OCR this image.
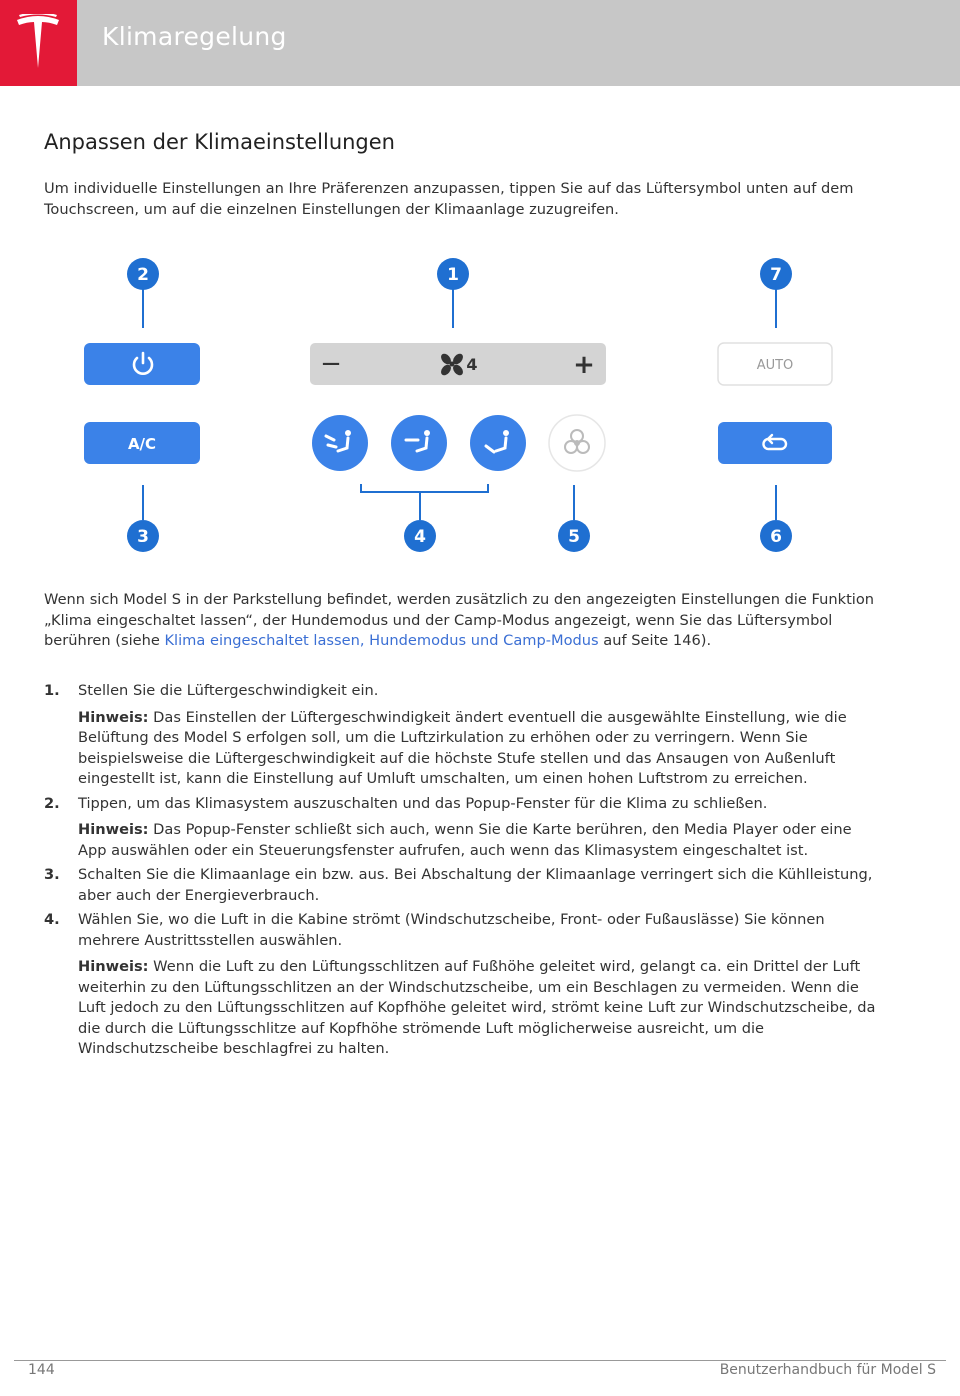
Klimaregelung
Anpassen der Klimaeinstellungen
Um individuelle Einstellungen an Ihre Präferenzen anzupassen, tippen Sie auf das Lüftersymbol unten auf dem Touchscreen, um auf die einzelnen Einstellungen der Klimaanlage zuzugreifen.
2	1	7
3	4	5	6
A/C
−	+
4	AUTO
Wenn sich Model S in der Parkstellung befindet, werden zusätzlich zu den angezeigten Einstellungen die Funktion „Klima eingeschaltet lassen“, der Hundemodus und der Camp-Modus angezeigt, wenn Sie das Lüftersymbol berühren (siehe Klima eingeschaltet lassen, Hundemodus und Camp-Modus auf Seite 146).
1. Stellen Sie die Lüftergeschwindigkeit ein.
Hinweis: Das Einstellen der Lüftergeschwindigkeit ändert eventuell die ausgewählte Einstellung, wie die Belüftung des Model S erfolgen soll, um die Luftzirkulation zu erhöhen oder zu verringern. Wenn Sie beispielsweise die Lüftergeschwindigkeit auf die höchste Stufe stellen und das Ansaugen von Außenluft eingestellt ist, kann die Einstellung auf Umluft umschalten, um einen hohen Luftstrom zu erreichen.
2. Tippen, um das Klimasystem auszuschalten und das Popup-Fenster für die Klima zu schließen.
Hinweis: Das Popup-Fenster schließt sich auch, wenn Sie die Karte berühren, den Media Player oder eine App auswählen oder ein Steuerungsfenster aufrufen, auch wenn das Klimasystem eingeschaltet ist.
3. Schalten Sie die Klimaanlage ein bzw. aus. Bei Abschaltung der Klimaanlage verringert sich die Kühlleistung, aber auch der Energieverbrauch.
4. Wählen Sie, wo die Luft in die Kabine strömt (Windschutzscheibe, Front- oder Fußauslässe) Sie können mehrere Austrittsstellen auswählen.
Hinweis: Wenn die Luft zu den Lüftungsschlitzen auf Fußhöhe geleitet wird, gelangt ca. ein Drittel der Luft weiterhin zu den Lüftungsschlitzen an der Windschutzscheibe, um ein Beschlagen zu vermeiden. Wenn die Luft jedoch zu den Lüftungsschlitzen auf Kopfhöhe geleitet wird, strömt keine Luft zur Windschutzscheibe, da die durch die Lüftungsschlitze auf Kopfhöhe strömende Luft möglicherweise ausreicht, um die Windschutzscheibe beschlagfrei zu halten.
144	Benutzerhandbuch für Model S
